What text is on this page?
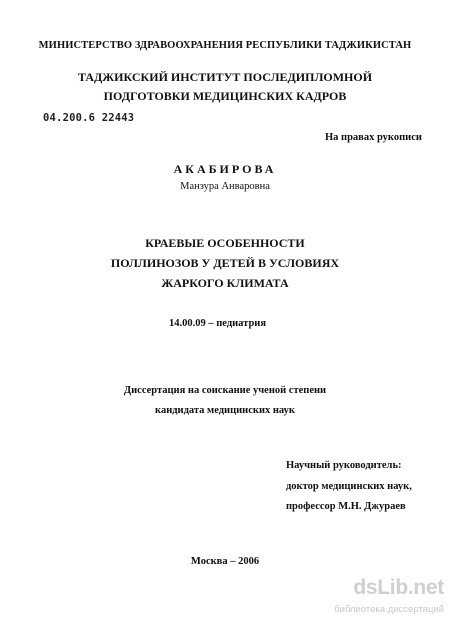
МИНИСТЕРСТВО ЗДРАВООХРАНЕНИЯ РЕСПУБЛИКИ ТАДЖИКИСТАН
ТАДЖИКСКИЙ ИНСТИТУТ ПОСЛЕДИПЛОМНОЙ
ПОДГОТОВКИ МЕДИЦИНСКИХ КАДРОВ
04.200.6 22443
На правах рукописи
АКАБИРОВА
Манзура Анваровна
КРАЕВЫЕ ОСОБЕННОСТИ
ПОЛЛИНОЗОВ У ДЕТЕЙ В УСЛОВИЯХ
ЖАРКОГО КЛИМАТА
14.00.09 – педиатрия
Диссертация на соискание ученой степени
кандидата медицинских наук
Научный руководитель:
доктор медицинских наук,
профессор М.Н. Джураев
Москва – 2006
dsLib.net
библиотека диссертаций
